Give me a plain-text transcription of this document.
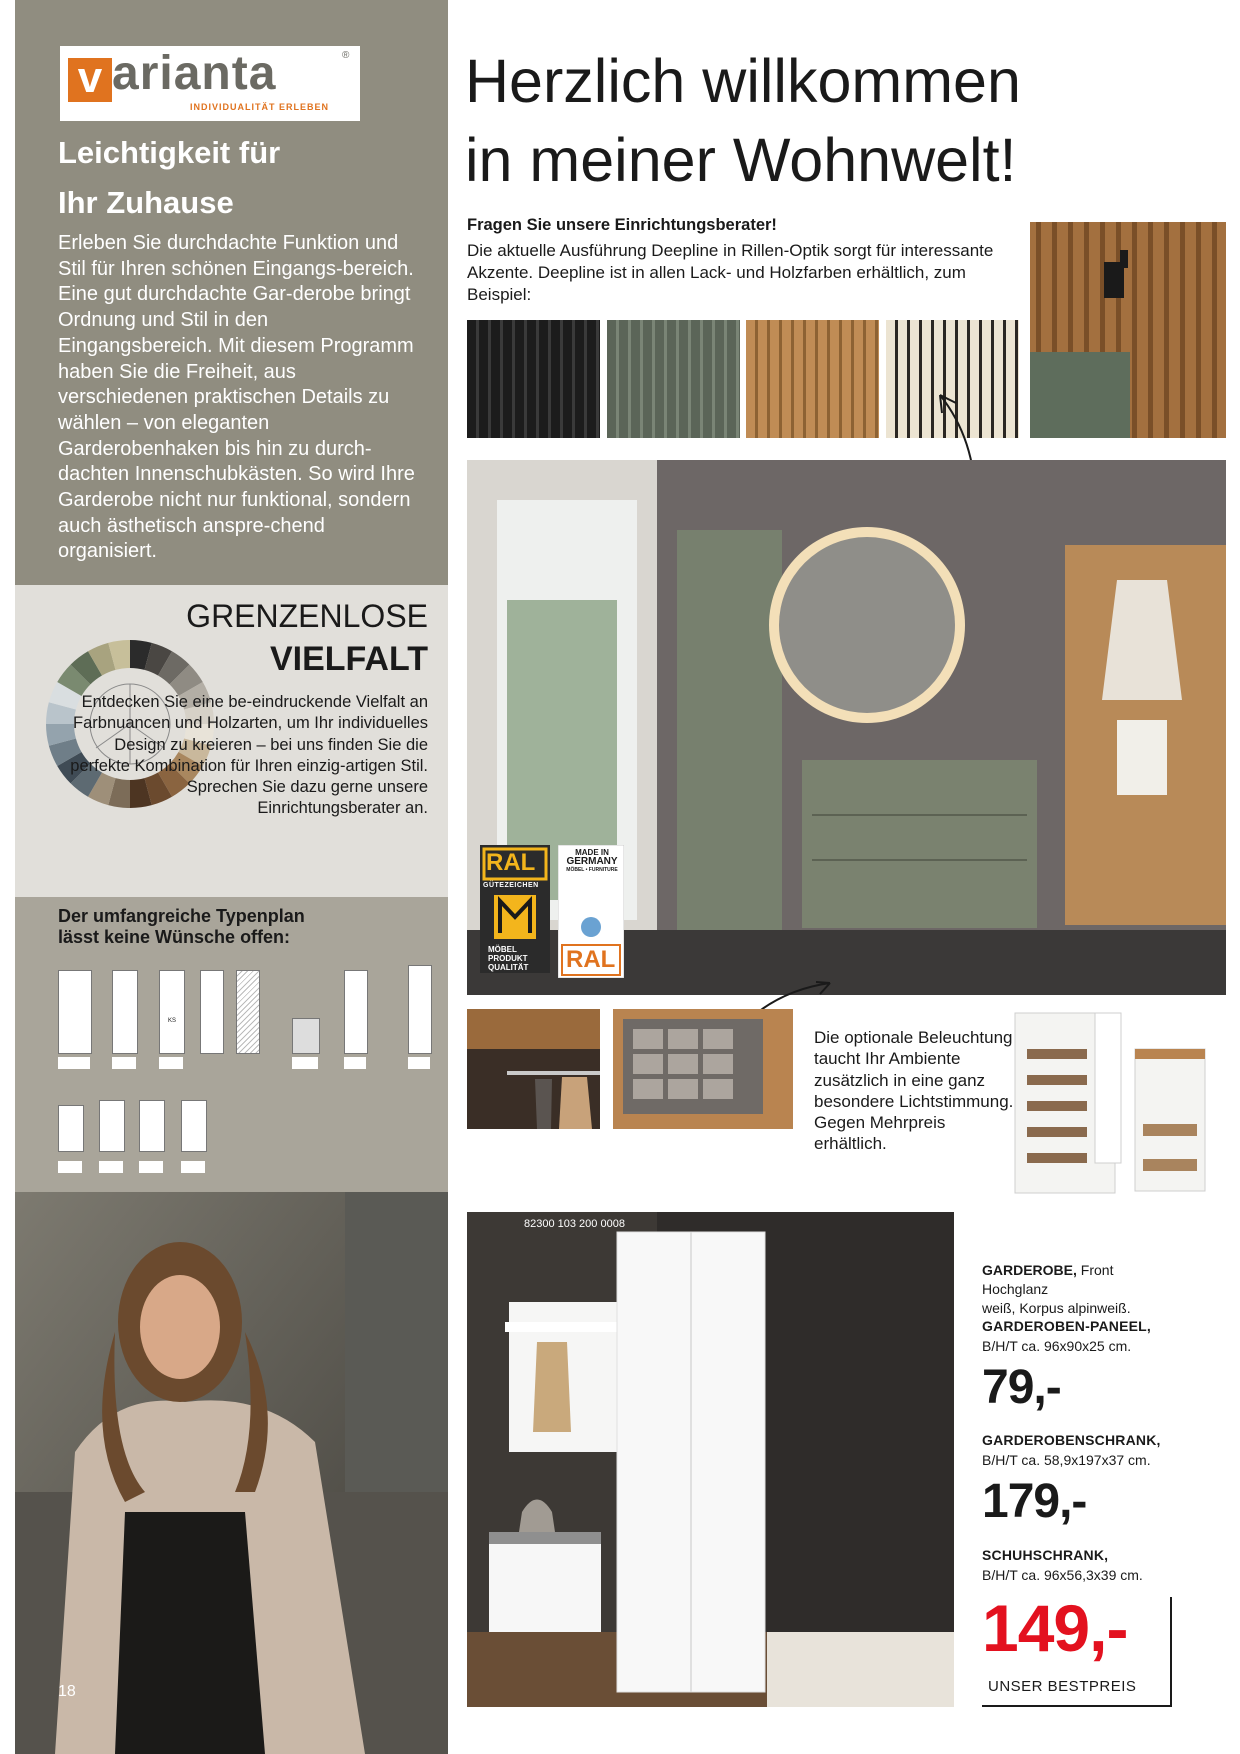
v arianta	®
INDIVIDUALITÄT ERLEBEN
Leichtigkeit für
Ihr Zuhause
Erleben Sie durchdachte Funktion und Stil für Ihren schönen Eingangs-bereich. Eine gut durchdachte Gar-derobe bringt Ordnung und Stil in den Eingangsbereich. Mit diesem Programm haben Sie die Freiheit, aus verschiedenen praktischen Details zu wählen – von eleganten Garderobenhaken bis hin zu durch-dachten Innenschubkästen. So wird Ihre Garderobe nicht nur funktional, sondern auch ästhetisch anspre-chend organisiert.
GRENZENLOSE
VIELFALT
Entdecken Sie eine be-eindruckende Vielfalt an Farbnuancen und Holzarten, um Ihr individuelles Design zu kreieren – bei uns finden Sie die perfekte Kombination für Ihren einzig-artigen Stil. Sprechen Sie dazu gerne unsere Einrichtungsberater an.
Der umfangreiche Typenplan
lässt keine Wünsche offen:

KS
18
Herzlich willkommen
in meiner Wohnwelt!
Fragen Sie unsere Einrichtungsberater!
Die aktuelle Ausführung Deepline in Rillen-Optik sorgt für interessante Akzente. Deepline ist in allen Lack- und Holzfarben erhältlich, zum Beispiel:
RAL
GÜTEZEICHEN
MÖBEL
PRODUKT
QUALITÄT
MADE IN
GERMANY
MÖBEL • FURNITURE
RAL
Die optionale Beleuchtung taucht Ihr Ambiente zusätzlich in eine ganz besondere Lichtstimmung. Gegen Mehrpreis erhältlich.
82300 103 200 0008
GARDEROBE, Front Hochglanz
weiß, Korpus alpinweiß.
GARDEROBEN-PANEEL,
B/H/T ca. 96x90x25 cm.
79,-
GARDEROBENSCHRANK,
B/H/T ca. 58,9x197x37 cm.
179,-
SCHUHSCHRANK,
B/H/T ca. 96x56,3x39 cm.
149,-
UNSER BESTPREIS
